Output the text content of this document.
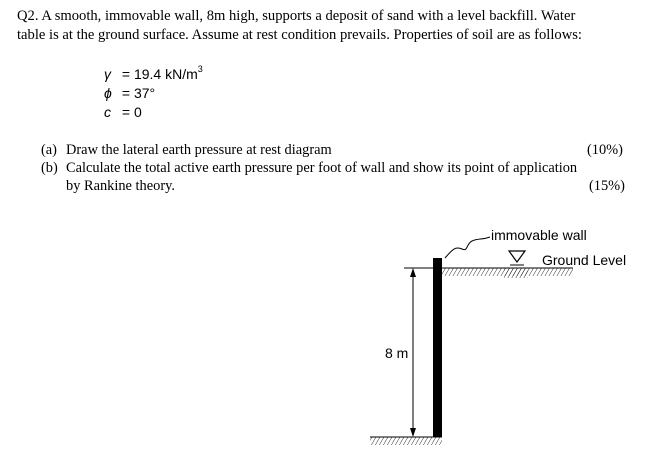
Q2. A smooth, immovable wall, 8m high, supports a deposit of sand with a level backfill. Water
table is at the ground surface. Assume at rest condition prevails. Properties of soil are as follows:
γ = 19.4 $kN/m^3$
ϕ = 37°
c = 0
(a) Draw the lateral earth pressure at rest diagram	(10%)
(b) Calculate the total active earth pressure per foot of wall and show its point of application
by Rankine theory.	(15%)
immovable wall
Ground Level
8 m
